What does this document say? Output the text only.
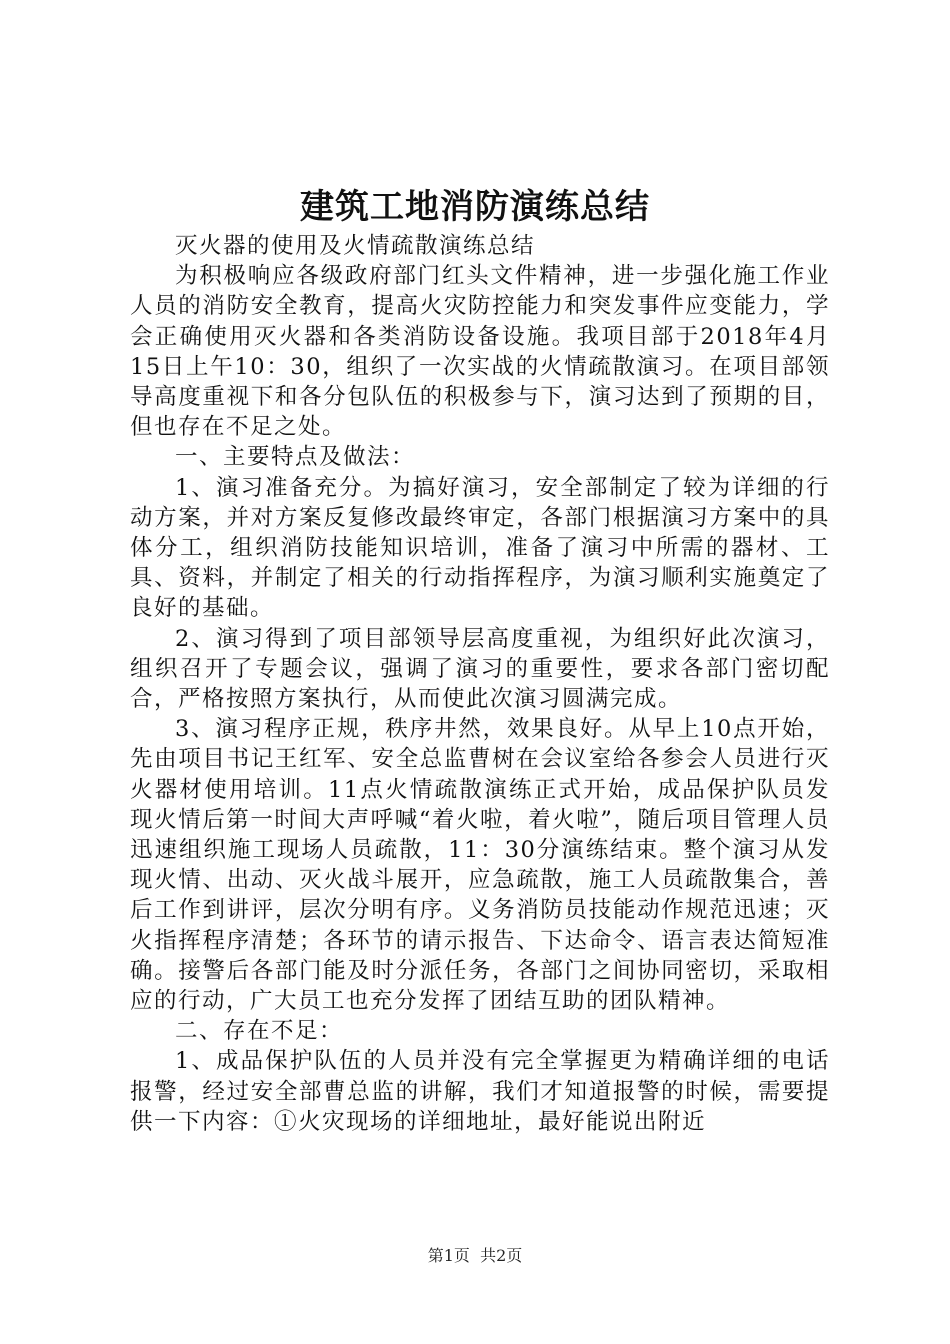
建筑工地消防演练总结

灭火器的使用及火情疏散演练总结

为积极响应各级政府部门红头文件精神，进一步强化施工作业人员的消防安全教育，提高火灾防控能力和突发事件应变能力，学会正确使用灭火器和各类消防设备设施。我项目部于2018年4月15日上午10：30，组织了一次实战的火情疏散演习。在项目部领导高度重视下和各分包队伍的积极参与下，演习达到了预期的目，但也存在不足之处。

一、主要特点及做法：

1、演习准备充分。为搞好演习，安全部制定了较为详细的行动方案，并对方案反复修改最终审定，各部门根据演习方案中的具体分工，组织消防技能知识培训，准备了演习中所需的器材、工具、资料，并制定了相关的行动指挥程序，为演习顺利实施奠定了良好的基础。

2、演习得到了项目部领导层高度重视，为组织好此次演习，组织召开了专题会议，强调了演习的重要性，要求各部门密切配合，严格按照方案执行，从而使此次演习圆满完成。

3、演习程序正规，秩序井然，效果良好。从早上10点开始，先由项目书记王红军、安全总监曹树在会议室给各参会人员进行灭火器材使用培训。11点火情疏散演练正式开始，成品保护队员发现火情后第一时间大声呼喊“着火啦，着火啦”，随后项目管理人员迅速组织施工现场人员疏散，11：30分演练结束。整个演习从发现火情、出动、灭火战斗展开，应急疏散，施工人员疏散集合，善后工作到讲评，层次分明有序。义务消防员技能动作规范迅速；灭火指挥程序清楚；各环节的请示报告、下达命令、语言表达简短准确。接警后各部门能及时分派任务，各部门之间协同密切，采取相应的行动，广大员工也充分发挥了团结互助的团队精神。

二、存在不足：

1、成品保护队伍的人员并没有完全掌握更为精确详细的电话报警，经过安全部曹总监的讲解，我们才知道报警的时候，需要提供一下内容：①火灾现场的详细地址，最好能说出附近

第1页  共2页
